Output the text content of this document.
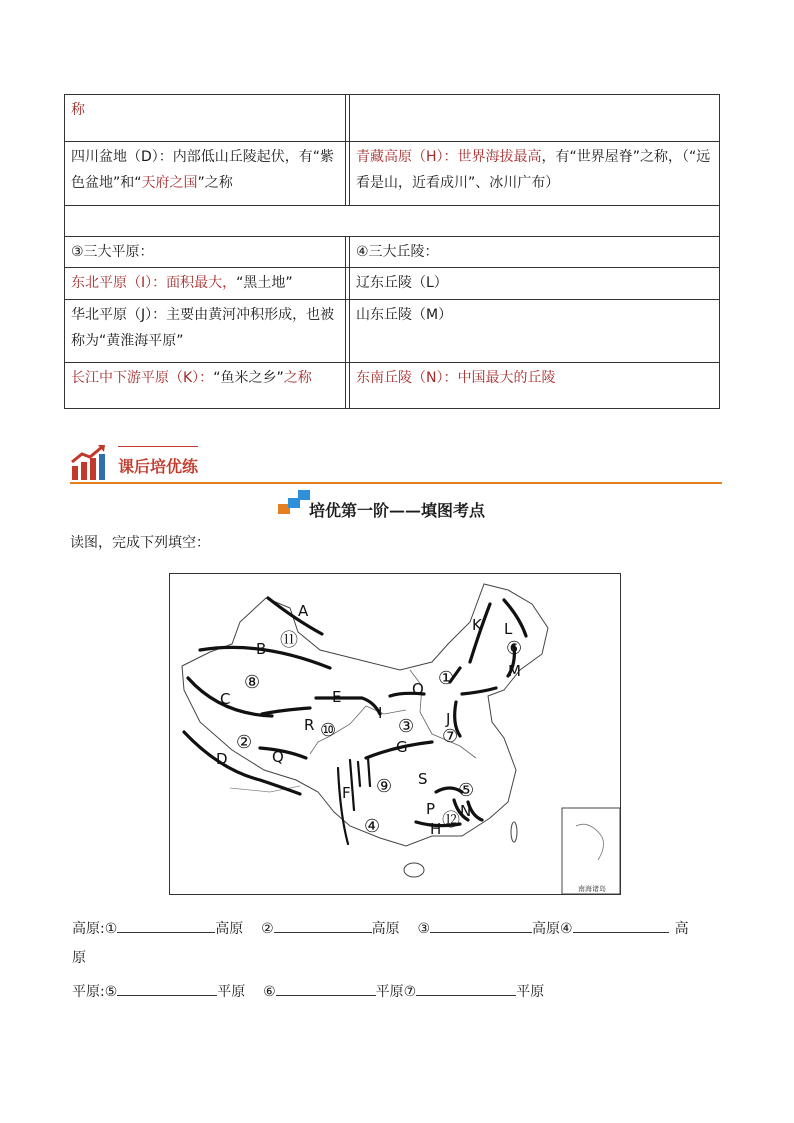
称		
四川盆地（D）：内部低山丘陵起伏，有“紫色盆地”和“天府之国”之称		青藏高原（H）：世界海拔最高，有“世界屋脊”之称，（“远看是山，近看成川”、冰川广布）

③三大平原：		④三大丘陵：
东北平原（I）：面积最大，“黑土地”		辽东丘陵（L）
华北平原（J）：主要由黄河冲积形成，也被称为“黄淮海平原”		山东丘陵（M）
长江中下游平原（K）：“鱼米之乡”之称		东南丘陵（N）：中国最大的丘陵
课后培优练
培优第一阶——填图考点
读图，完成下列填空：
南海诸岛
A
B
C
D
E
F
G
H
I	J
K L
M
N
O
P
Q
R
S
⑪
⑧	①
⑥
③ ⑦
⑩
②
⑨	⑤
④	⑫
高原:①	高原 ②	高原 ③	高原④	高
原
平原:⑤	平原 ⑥	平原⑦	平原
